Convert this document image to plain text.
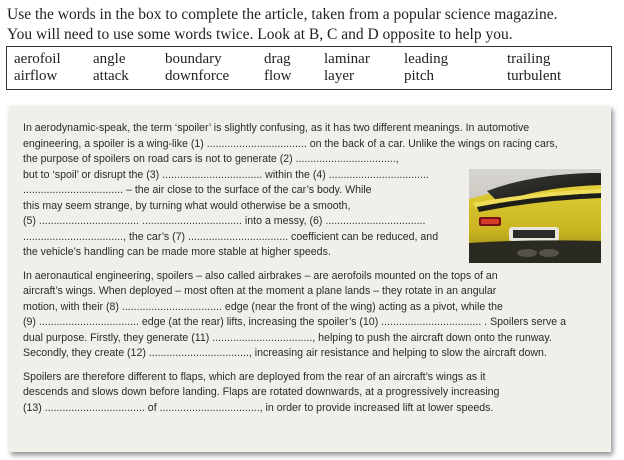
Use the words in the box to complete the article, taken from a popular science magazine.
You will need to use some words twice. Look at B, C and D opposite to help you.
aerofoil
airflow
angle
attack
boundary
downforce
drag
flow
laminar
layer
leading
pitch
trailing
turbulent

In aerodynamic-speak, the term ‘spoiler’ is slightly confusing, as it has two different meanings. In automotive
engineering, a spoiler is a wing-like (1) .................................. on the back of a car. Unlike the wings on racing cars,
the purpose of spoilers on road cars is not to generate (2) ..................................,
but to ‘spoil’ or disrupt the (3) .................................. within the (4) ..................................
.................................. – the air close to the surface of the car’s body. While
this may seem strange, by turning what would otherwise be a smooth,
(5) .................................. .................................. into a messy, (6) ..................................
.................................., the car’s (7) .................................. coefficient can be reduced, and
the vehicle’s handling can be made more stable at higher speeds.

In aeronautical engineering, spoilers – also called airbrakes – are aerofoils mounted on the tops of an
aircraft’s wings. When deployed – most often at the moment a plane lands – they rotate in an angular
motion, with their (8) .................................. edge (near the front of the wing) acting as a pivot, while the
(9) .................................. edge (at the rear) lifts, increasing the spoiler’s (10) .................................. . Spoilers serve a
dual purpose. Firstly, they generate (11) .................................., helping to push the aircraft down onto the runway.
Secondly, they create (12) .................................., increasing air resistance and helping to slow the aircraft down.

Spoilers are therefore different to flaps, which are deployed from the rear of an aircraft’s wings as it
descends and slows down before landing. Flaps are rotated downwards, at a progressively increasing
(13) .................................. of .................................., in order to provide increased lift at lower speeds.
